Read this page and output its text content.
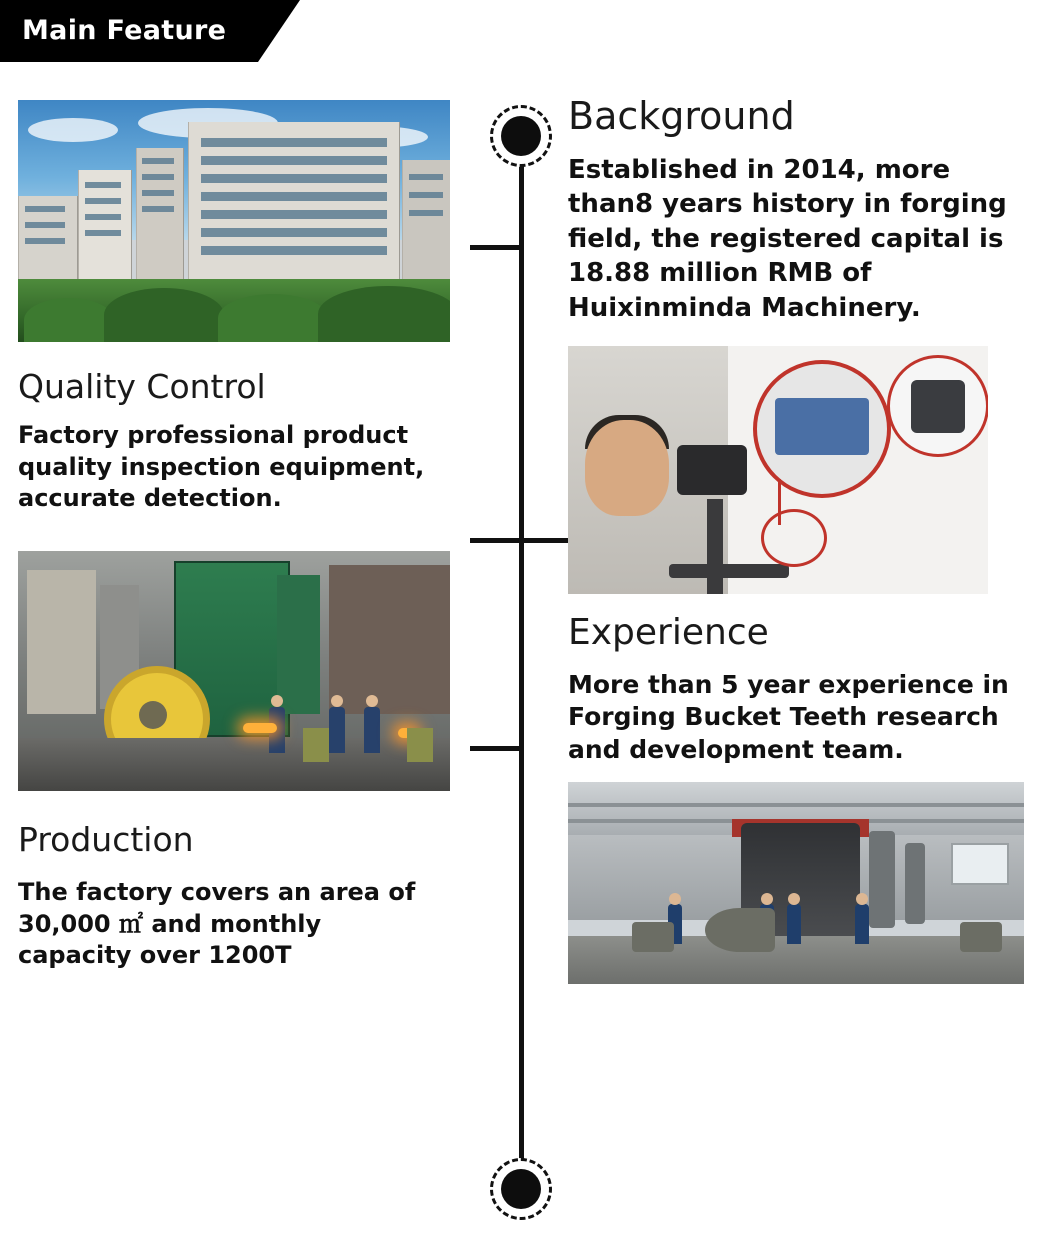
Main Feature
Quality Control

Factory professional product quality inspection equipment, accurate detection.

Production

The factory covers an area of 30,000 ㎡ and monthly capacity over 1200T

Background

Established in 2014, more than8 years history in forging field, the registered capital is 18.88 million RMB of Huixinminda Machinery.

Experience

More than 5 year experience in Forging Bucket Teeth research and development team.
